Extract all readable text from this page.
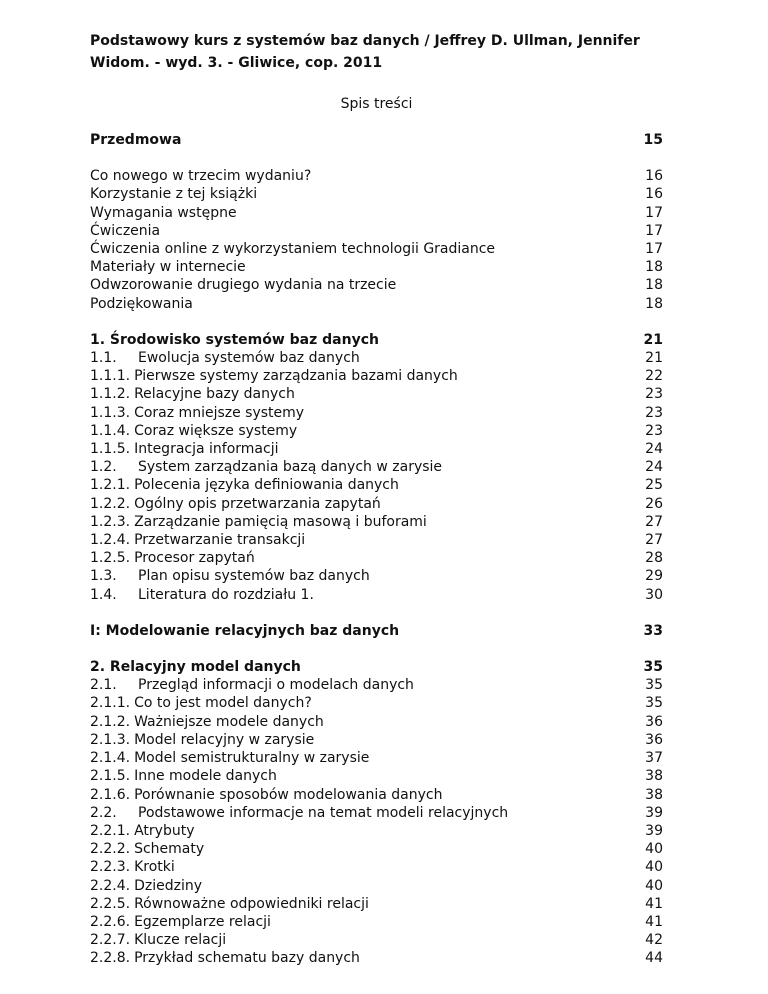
Podstawowy kurs z systemów baz danych / Jeffrey D. Ullman, Jennifer
Widom. - wyd. 3. - Gliwice, cop. 2011
Spis treści
Przedmowa	15
Co nowego w trzecim wydaniu?	16
Korzystanie z tej książki	16
Wymagania wstępne	17
Ćwiczenia	17
Ćwiczenia online z wykorzystaniem technologii Gradiance	17
Materiały w internecie	18
Odwzorowanie drugiego wydania na trzecie	18
Podziękowania	18
1. Środowisko systemów baz danych	21
1.1.	Ewolucja systemów baz danych	21
1.1.1. Pierwsze systemy zarządzania bazami danych	22
1.1.2. Relacyjne bazy danych	23
1.1.3. Coraz mniejsze systemy	23
1.1.4. Coraz większe systemy	23
1.1.5. Integracja informacji	24
1.2.	System zarządzania bazą danych w zarysie	24
1.2.1. Polecenia języka definiowania danych	25
1.2.2. Ogólny opis przetwarzania zapytań	26
1.2.3. Zarządzanie pamięcią masową i buforami	27
1.2.4. Przetwarzanie transakcji	27
1.2.5. Procesor zapytań	28
1.3.	Plan opisu systemów baz danych	29
1.4.	Literatura do rozdziału 1.	30
I: Modelowanie relacyjnych baz danych	33
2. Relacyjny model danych	35
2.1.	Przegląd informacji o modelach danych	35
2.1.1. Co to jest model danych?	35
2.1.2. Ważniejsze modele danych	36
2.1.3. Model relacyjny w zarysie	36
2.1.4. Model semistrukturalny w zarysie	37
2.1.5. Inne modele danych	38
2.1.6. Porównanie sposobów modelowania danych	38
2.2.	Podstawowe informacje na temat modeli relacyjnych	39
2.2.1. Atrybuty	39
2.2.2. Schematy	40
2.2.3. Krotki	40
2.2.4. Dziedziny	40
2.2.5. Równoważne odpowiedniki relacji	41
2.2.6. Egzemplarze relacji	41
2.2.7. Klucze relacji	42
2.2.8. Przykład schematu bazy danych	44
